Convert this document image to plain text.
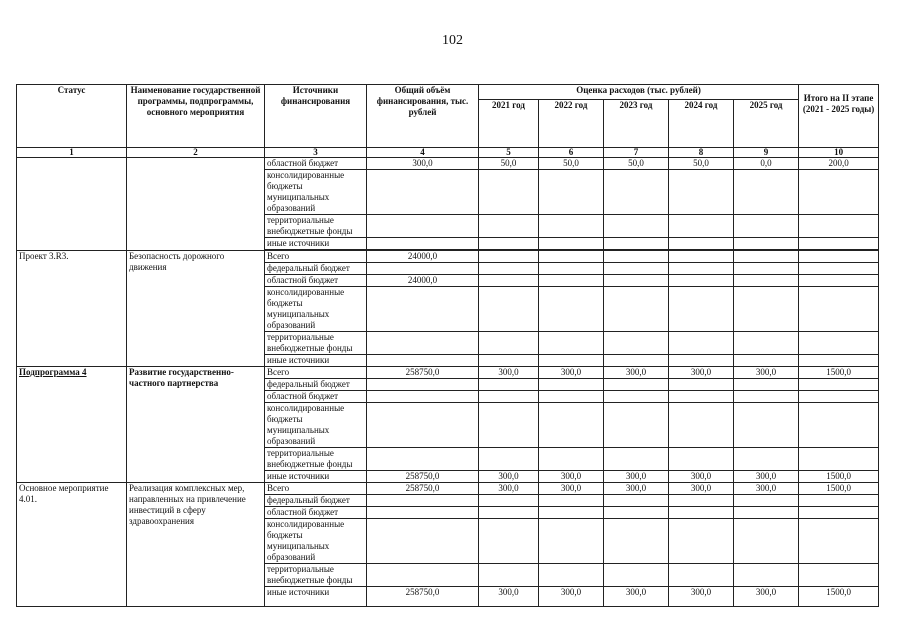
102
Статус	Наименование государственной программы, подпрограммы, основного мероприятия	Источники финансирования	Общий объём финансирования, тыс. рублей	Оценка расходов (тыс. рублей)					Итого на II этапе (2021 - 2025 годы)
				2021 год	2022 год	2023 год	2024 год	2025 год	
1	2	3	4	5	6	7	8	9	10
		областной бюджет	300,0	50,0	50,0	50,0	50,0	0,0	200,0
		консолидированные бюджеты муниципальных образований							
		территориальные внебюджетные фонды							
		иные источники							

Проект 3.R3.	Безопасность дорожного движения	Всего	24000,0						
		федеральный бюджет							
		областной бюджет	24000,0						
		консолидированные бюджеты муниципальных образований							
		территориальные внебюджетные фонды							
		иные источники							
Подпрограмма 4	Развитие государственно-частного партнерства	Всего	258750,0	300,0	300,0	300,0	300,0	300,0	1500,0
		федеральный бюджет							
		областной бюджет							
		консолидированные бюджеты муниципальных образований							
		территориальные внебюджетные фонды							
		иные источники	258750,0	300,0	300,0	300,0	300,0	300,0	1500,0
Основное мероприятие 4.01.	Реализация комплексных мер, направленных на привлечение инвестиций в сферу здравоохранения	Всего	258750,0	300,0	300,0	300,0	300,0	300,0	1500,0
		федеральный бюджет							
		областной бюджет							
		консолидированные бюджеты муниципальных образований							
		территориальные внебюджетные фонды							
		иные источники	258750,0	300,0	300,0	300,0	300,0	300,0	1500,0
